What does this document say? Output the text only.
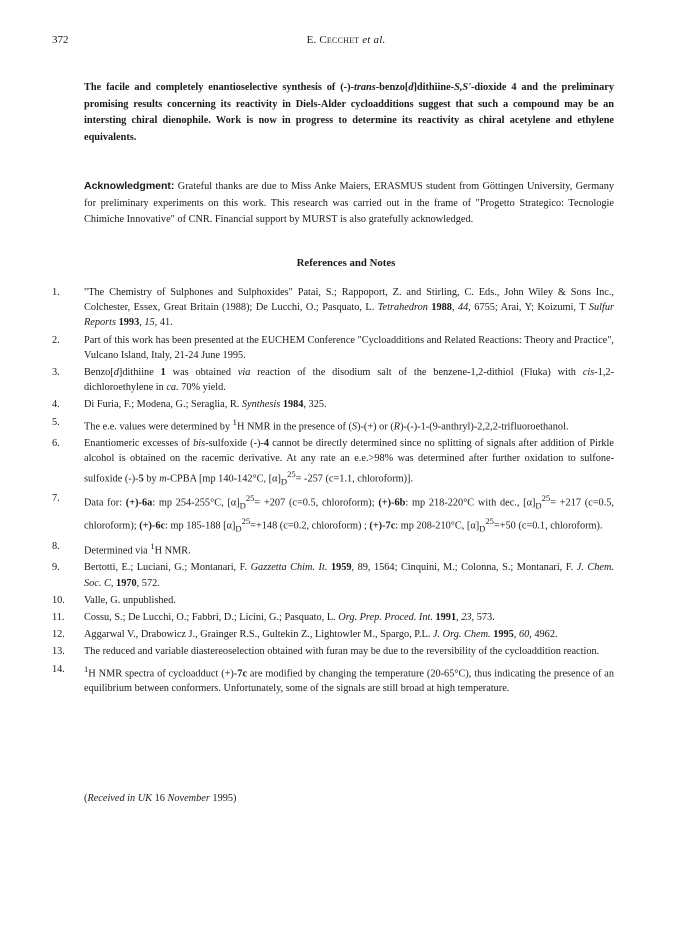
372	E. Cecchet et al.

The facile and completely enantioselective synthesis of (-)-trans-benzo[d]dithiine-S,S'-dioxide 4 and the preliminary promising results concerning its reactivity in Diels-Alder cycloadditions suggest that such a compound may be an intersting chiral dienophile. Work is now in progress to determine its reactivity as chiral acetylene and ethylene equivalents.

Acknowledgment: Grateful thanks are due to Miss Anke Maiers, ERASMUS student from Göttingen University, Germany for preliminary experiments on this work. This research was carried out in the frame of "Progetto Strategico: Tecnologie Chimiche Innovative" of CNR. Financial support by MURST is also gratefully acknowledged.

References and Notes
1.	"The Chemistry of Sulphones and Sulphoxides" Patai, S.; Rappoport, Z. and Stirling, C. Eds., John Wiley & Sons Inc., Colchester, Essex, Great Britain (1988); De Lucchi, O.; Pasquato, L. Tetrahedron 1988, 44, 6755; Arai, Y; Koizumi, T Sulfur Reports 1993, 15, 41.
2.	Part of this work has been presented at the EUCHEM Conference "Cycloadditions and Related Reactions: Theory and Practice", Vulcano Island, Italy, 21-24 June 1995.
3.	Benzo[d]dithiine 1 was obtained via reaction of the disodium salt of the benzene-1,2-dithiol (Fluka) with cis-1,2-dichloroethylene in ca. 70% yield.
4.	Di Furia, F.; Modena, G.; Seraglia, R. Synthesis 1984, 325.
5.	The e.e. values were determined by $^1$H NMR in the presence of (S)-(+) or (R)-(-)-1-(9-anthryl)-2,2,2-trifluoroethanol.
6.	Enantiomeric excesses of bis-sulfoxide (-)-4 cannot be directly determined since no splitting of signals after addition of Pirkle alcohol is obtained on the racemic derivative. At any rate an e.e.>98% was determined after further oxidation to sulfone-sulfoxide (-)-5 by m-CPBA [mp 140-142°C, $[\alpha]_D^{25}= -257$ (c=1.1, chloroform)].
7.	Data for: (+)-6a: mp 254-255°C, $[\alpha]_D^{25}= +207$ (c=0.5, chloroform); (+)-6b: mp 218-220°C with dec., $[\alpha]_D^{25}= +217$ (c=0.5, chloroform); (+)-6c: mp 185-188 $[\alpha]_D^{25}=+148$ (c=0.2, chloroform) ; (+)-7c: mp 208-210°C, $[\alpha]_D^{25}=+50$ (c=0.1, chloroform).
8.	Determined via $^1$H NMR.
9.	Bertotti, E.; Luciani, G.; Montanari, F. Gazzetta Chim. It. 1959, 89, 1564; Cinquini, M.; Colonna, S.; Montanari, F. J. Chem. Soc. C, 1970, 572.
10.	Valle, G. unpublished.
11.	Cossu, S.; De Lucchi, O.; Fabbri, D.; Licini, G.; Pasquato, L. Org. Prep. Proced. Int. 1991, 23, 573.
12.	Aggarwal V., Drabowicz J., Grainger R.S., Gultekin Z., Lightowler M., Spargo, P.L. J. Org. Chem. 1995, 60, 4962.
13.	The reduced and variable diastereoselection obtained with furan may be due to the reversibility of the cycloaddition reaction.
14.	$^1$H NMR spectra of cycloadduct (+)-7c are modified by changing the temperature (20-65°C), thus indicating the presence of an equilibrium between conformers. Unfortunately, some of the signals are still broad at high temperature.
(Received in UK 16 November 1995)
